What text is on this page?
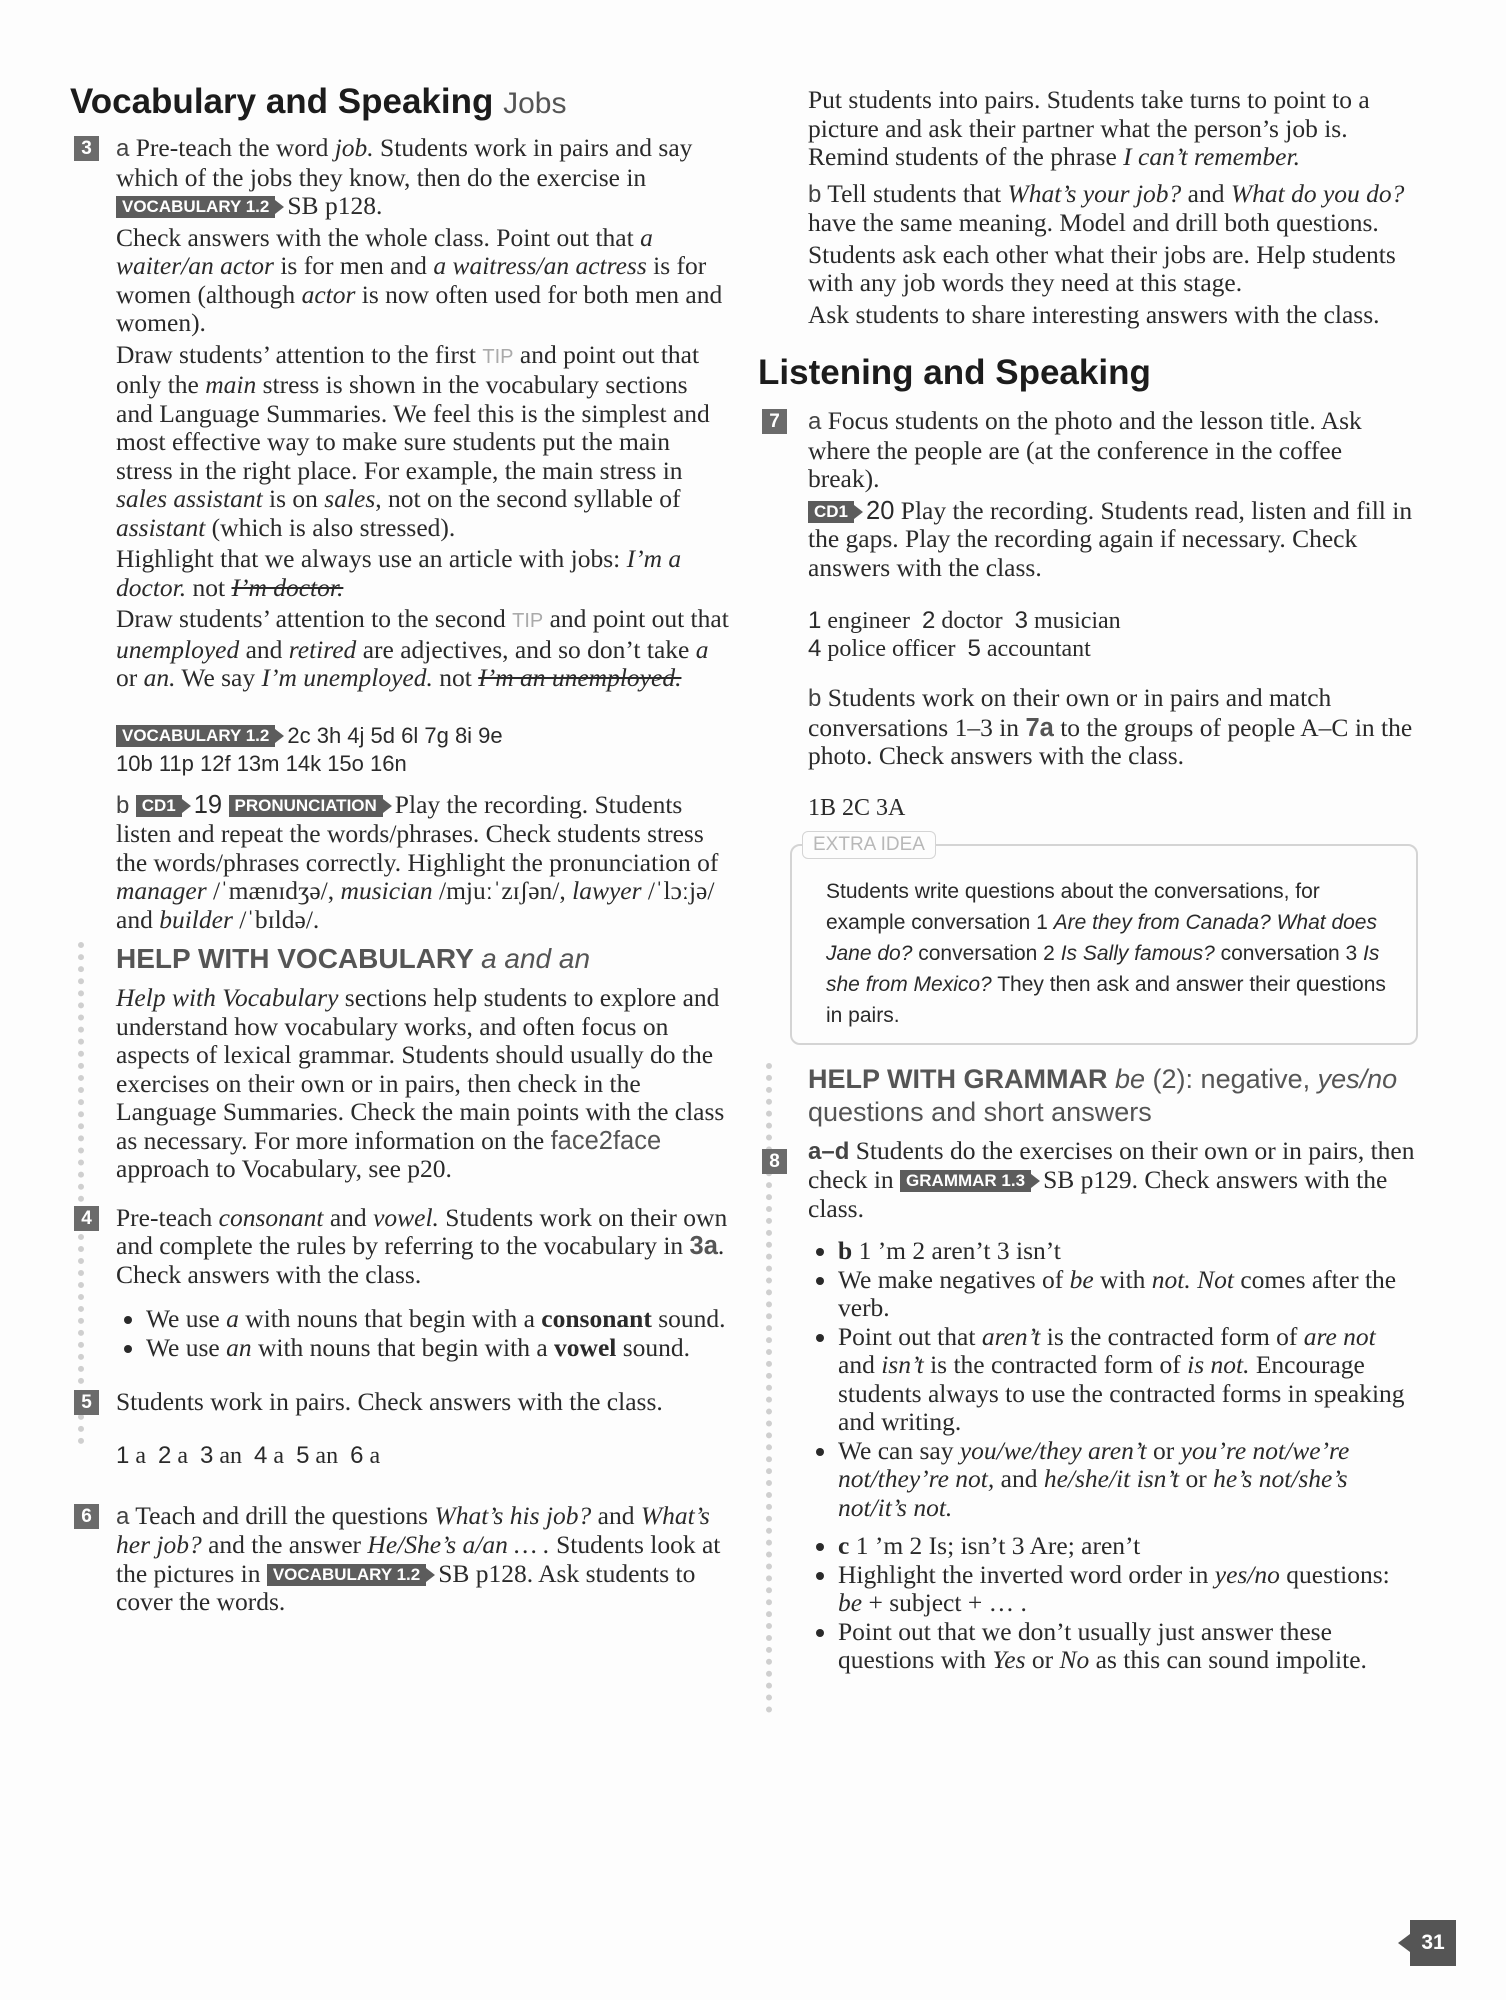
Vocabulary and Speaking Jobs
3	a Pre-teach the word job. Students work in pairs and say which of the jobs they know, then do the exercise in VOCABULARY 1.2 SB p128.

Check answers with the whole class. Point out that a waiter/an actor is for men and a waitress/an actress is for women (although actor is now often used for both men and women).

Draw students’ attention to the first TIP and point out that only the main stress is shown in the vocabulary sections and Language Summaries. We feel this is the simplest and most effective way to make sure students put the main stress in the right place. For example, the main stress in sales assistant is on sales, not on the second syllable of assistant (which is also stressed).

Highlight that we always use an article with jobs: I’m a doctor. not I’m doctor.

Draw students’ attention to the second TIP and point out that unemployed and retired are adjectives, and so don’t take a or an. We say I’m unemployed. not I’m an unemployed.

VOCABULARY 1.2 2c 3h 4j 5d 6l 7g 8i 9e
10b 11p 12f 13m 14k 15o 16n

b CD1 19 PRONUNCIATION Play the recording. Students listen and repeat the words/phrases. Check students stress the words/phrases correctly. Highlight the pronunciation of manager /ˈmænɪdʒə/, musician /mjuːˈzɪʃən/, lawyer /ˈlɔːjə/ and builder /ˈbɪldə/.

HELP WITH VOCABULARY a and an

Help with Vocabulary sections help students to explore and understand how vocabulary works, and often focus on aspects of lexical grammar. Students should usually do the exercises on their own or in pairs, then check in the Language Summaries. Check the main points with the class as necessary. For more information on the face2face approach to Vocabulary, see p20.

4 Pre-teach consonant and vowel. Students work on their own and complete the rules by referring to the vocabulary in 3a. Check answers with the class.

• We use a with nouns that begin with a consonant sound.
• We use an with nouns that begin with a vowel sound.
5 Students work in pairs. Check answers with the class.

1 a 2 a 3 an 4 a 5 an 6 a

6	a Teach and drill the questions What’s his job? and What’s her job? and the answer He/She’s a/an … . Students look at the pictures in VOCABULARY 1.2 SB p128. Ask students to cover the words.

Put students into pairs. Students take turns to point to a picture and ask their partner what the person’s job is. Remind students of the phrase I can’t remember.

b Tell students that What’s your job? and What do you do? have the same meaning. Model and drill both questions.

Students ask each other what their jobs are. Help students with any job words they need at this stage.

Ask students to share interesting answers with the class.

Listening and Speaking
7	a Focus students on the photo and the lesson title. Ask where the people are (at the conference in the coffee break).

CD1 20 Play the recording. Students read, listen and fill in the gaps. Play the recording again if necessary. Check answers with the class.

1 engineer 2 doctor 3 musician
4 police officer 5 accountant

b Students work on their own or in pairs and match conversations 1–3 in 7a to the groups of people A–C in the photo. Check answers with the class.

1B 2C 3A

EXTRA IDEA

Students write questions about the conversations, for example conversation 1 Are they from Canada? What does Jane do? conversation 2 Is Sally famous? conversation 3 Is she from Mexico? They then ask and answer their questions in pairs.

HELP WITH GRAMMAR be (2): negative, yes/no questions and short answers
8	a–d Students do the exercises on their own or in pairs, then check in GRAMMAR 1.3 SB p129. Check answers with the class.

• b 1 ’m 2 aren’t 3 isn’t
• We make negatives of be with not. Not comes after the verb.
• Point out that aren’t is the contracted form of are not and isn’t is the contracted form of is not. Encourage students always to use the contracted forms in speaking and writing.
• We can say you/we/they aren’t or you’re not/we’re not/they’re not, and he/she/it isn’t or he’s not/she’s not/it’s not.
• c 1 ’m 2 Is; isn’t 3 Are; aren’t
• Highlight the inverted word order in yes/no questions: be + subject + … .
• Point out that we don’t usually just answer these questions with Yes or No as this can sound impolite.
31
